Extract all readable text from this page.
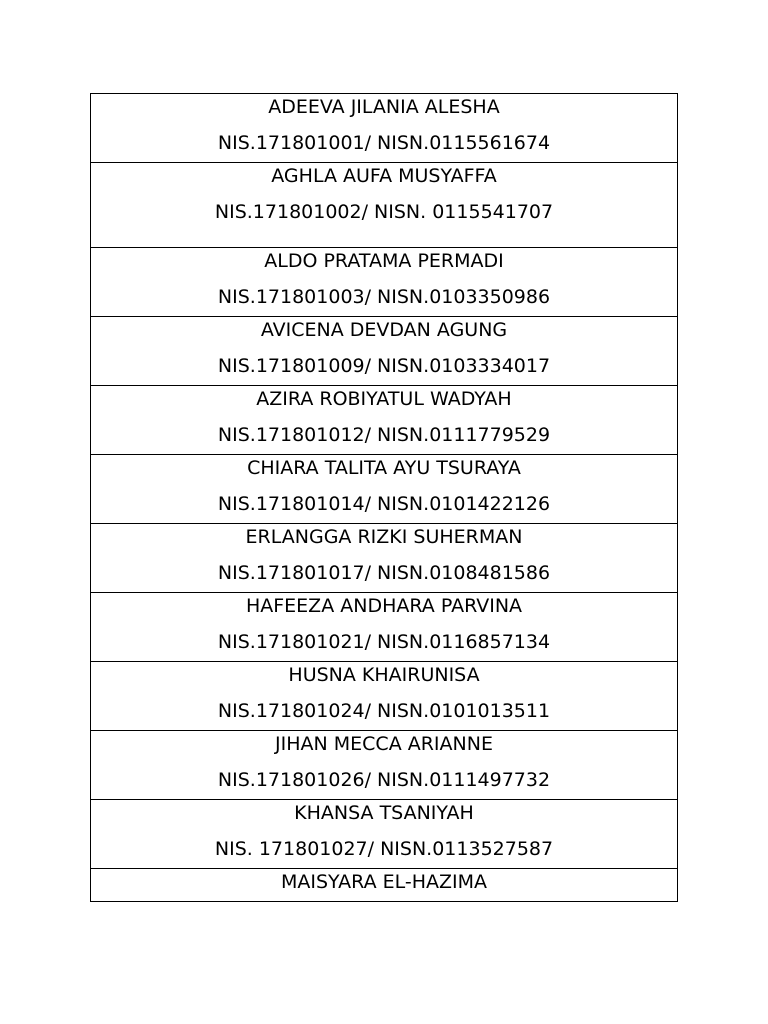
ADEEVA JILANIA ALESHA
NIS.171801001/ NISN.0115561674

AGHLA AUFA MUSYAFFA
NIS.171801002/ NISN. 0115541707

ALDO PRATAMA PERMADI
NIS.171801003/ NISN.0103350986

AVICENA DEVDAN AGUNG
NIS.171801009/ NISN.0103334017

AZIRA ROBIYATUL WADYAH
NIS.171801012/ NISN.0111779529

CHIARA TALITA AYU TSURAYA
NIS.171801014/ NISN.0101422126

ERLANGGA RIZKI SUHERMAN
NIS.171801017/ NISN.0108481586

HAFEEZA ANDHARA PARVINA
NIS.171801021/ NISN.0116857134

HUSNA KHAIRUNISA
NIS.171801024/ NISN.0101013511

JIHAN MECCA ARIANNE
NIS.171801026/ NISN.0111497732

KHANSA TSANIYAH
NIS. 171801027/ NISN.0113527587

MAISYARA EL-HAZIMA
